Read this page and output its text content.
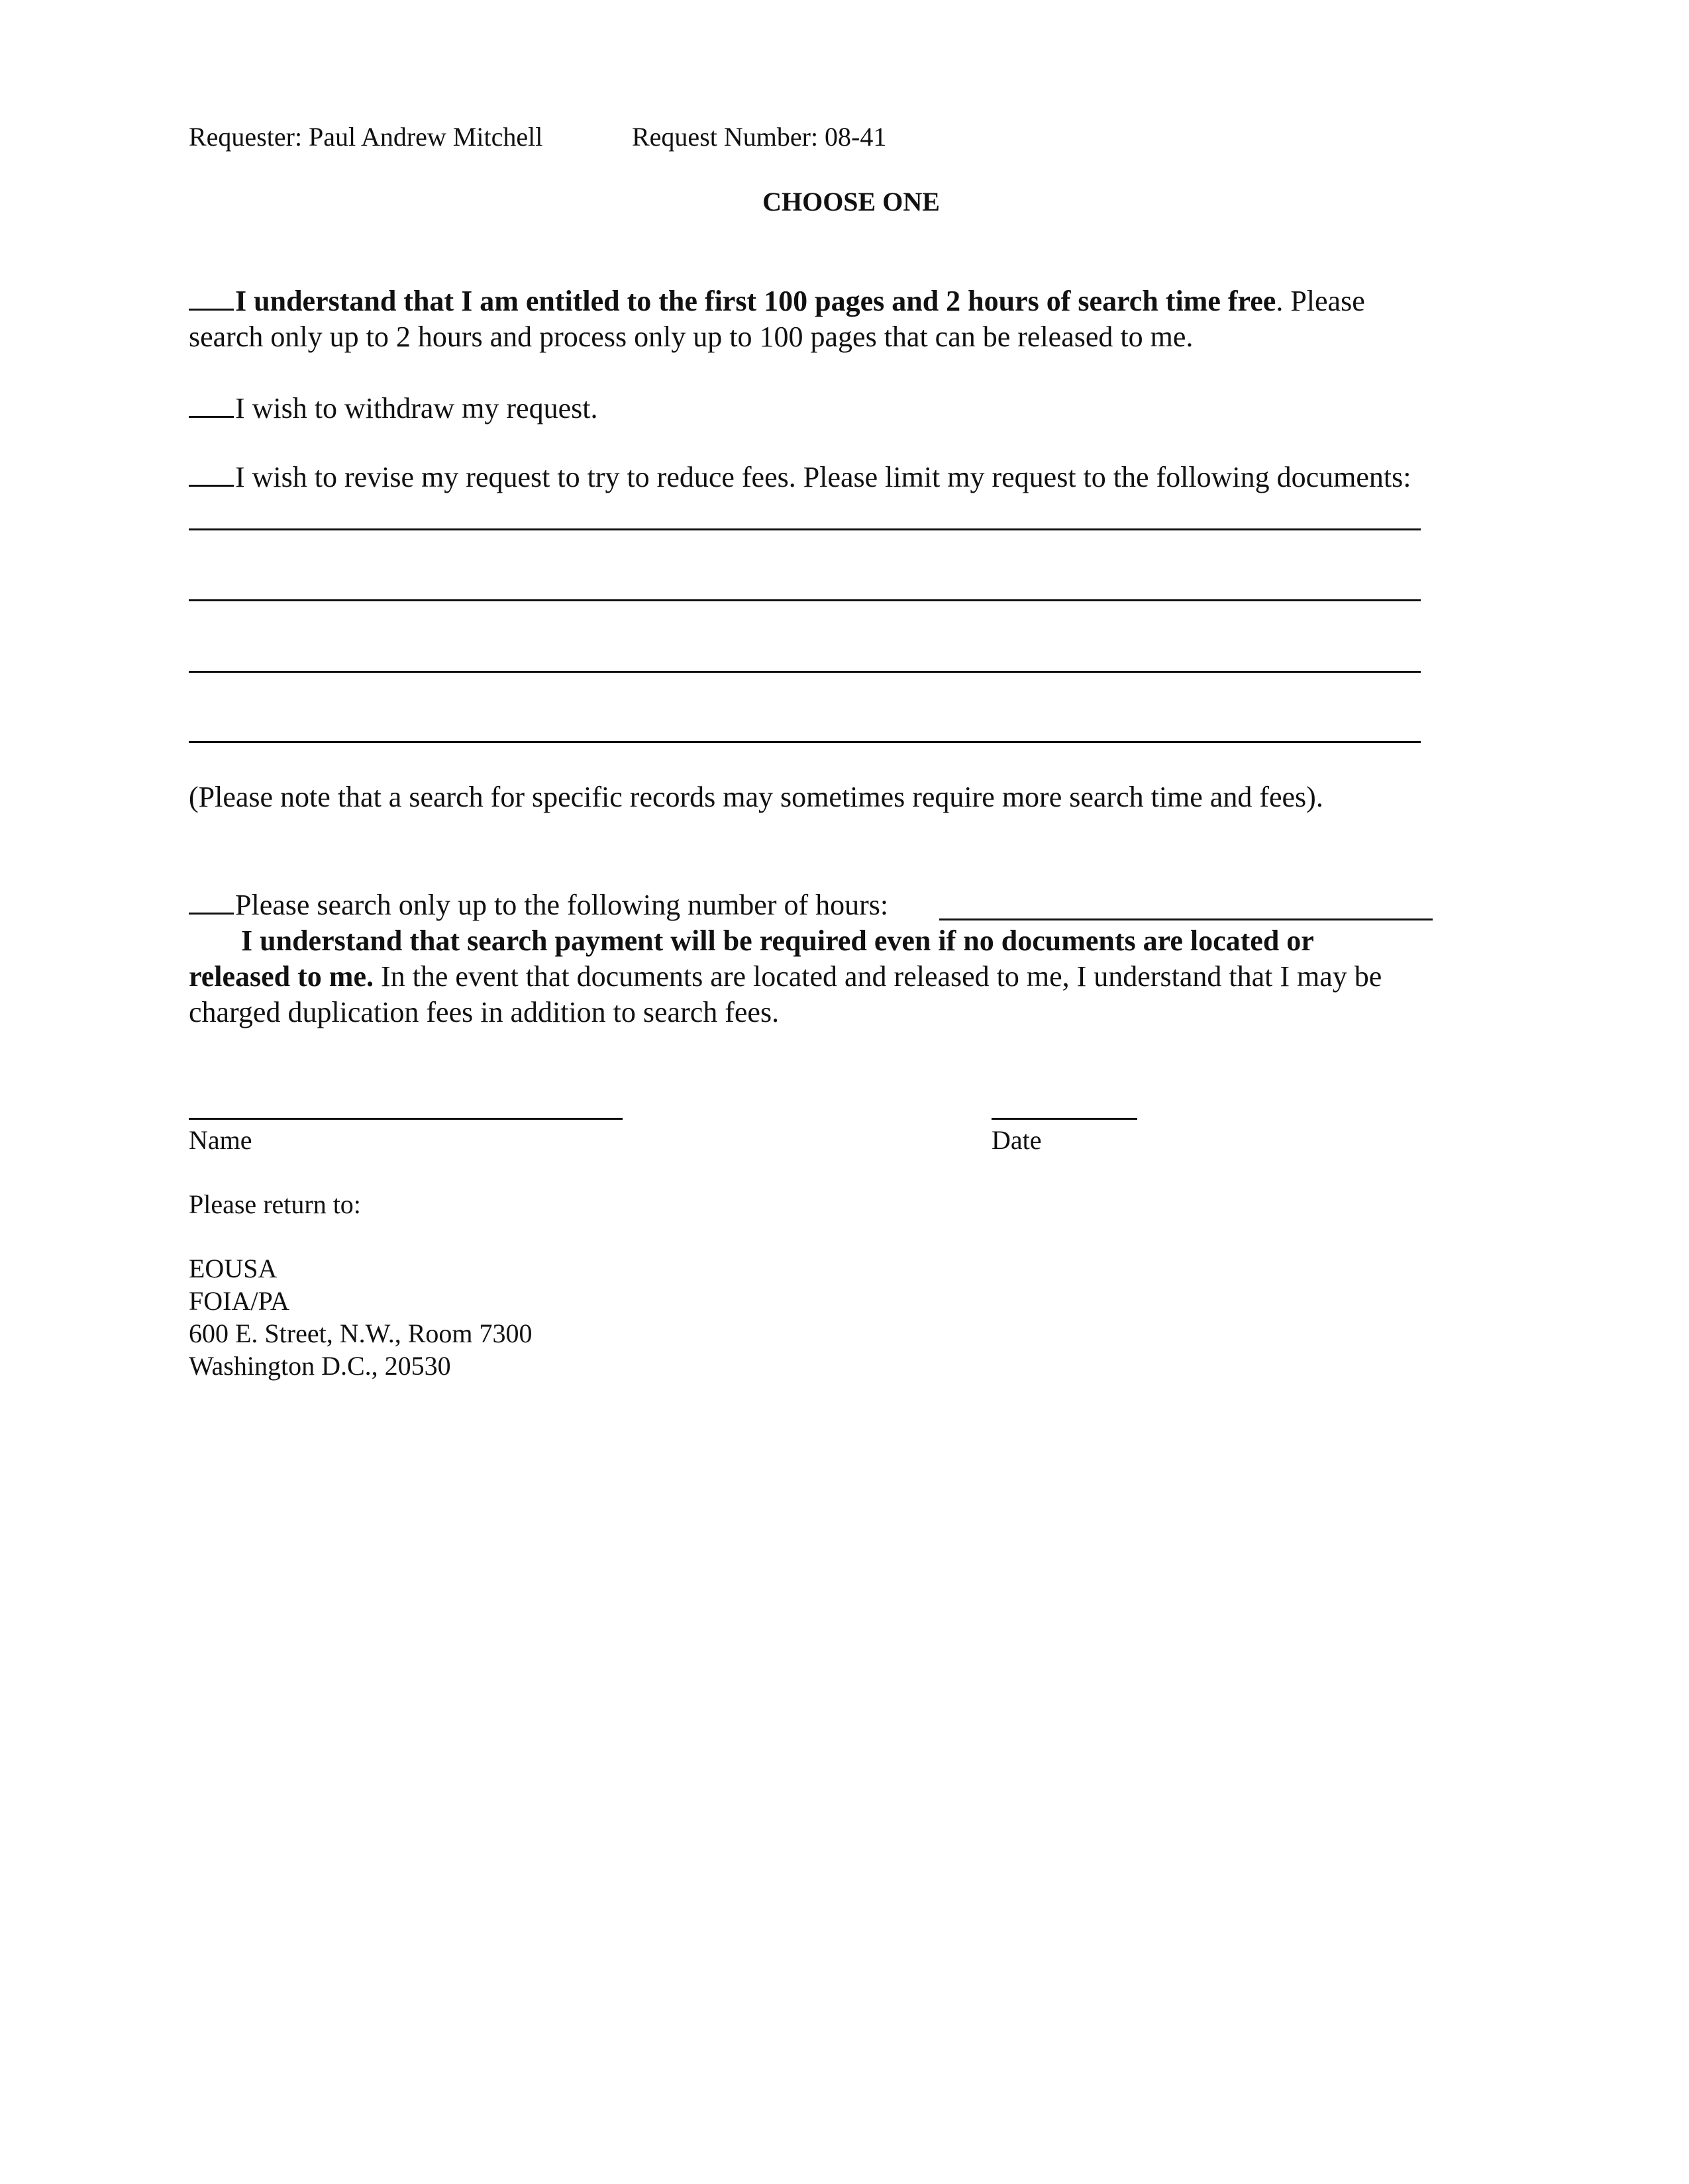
Requester: Paul Andrew Mitchell	Request Number: 08-41
CHOOSE ONE
I understand that I am entitled to the first 100 pages and 2 hours of search time free. Please
search only up to 2 hours and process only up to 100 pages that can be released to me.
I wish to withdraw my request.
I wish to revise my request to try to reduce fees. Please limit my request to the following documents:
(Please note that a search for specific records may sometimes require more search time and fees).
Please search only up to the following number of hours:
I understand that search payment will be required even if no documents are located or
released to me. In the event that documents are located and released to me, I understand that I may be
charged duplication fees in addition to search fees.
Name	Date
Please return to:
EOUSA
FOIA/PA
600 E. Street, N.W., Room 7300
Washington D.C., 20530
